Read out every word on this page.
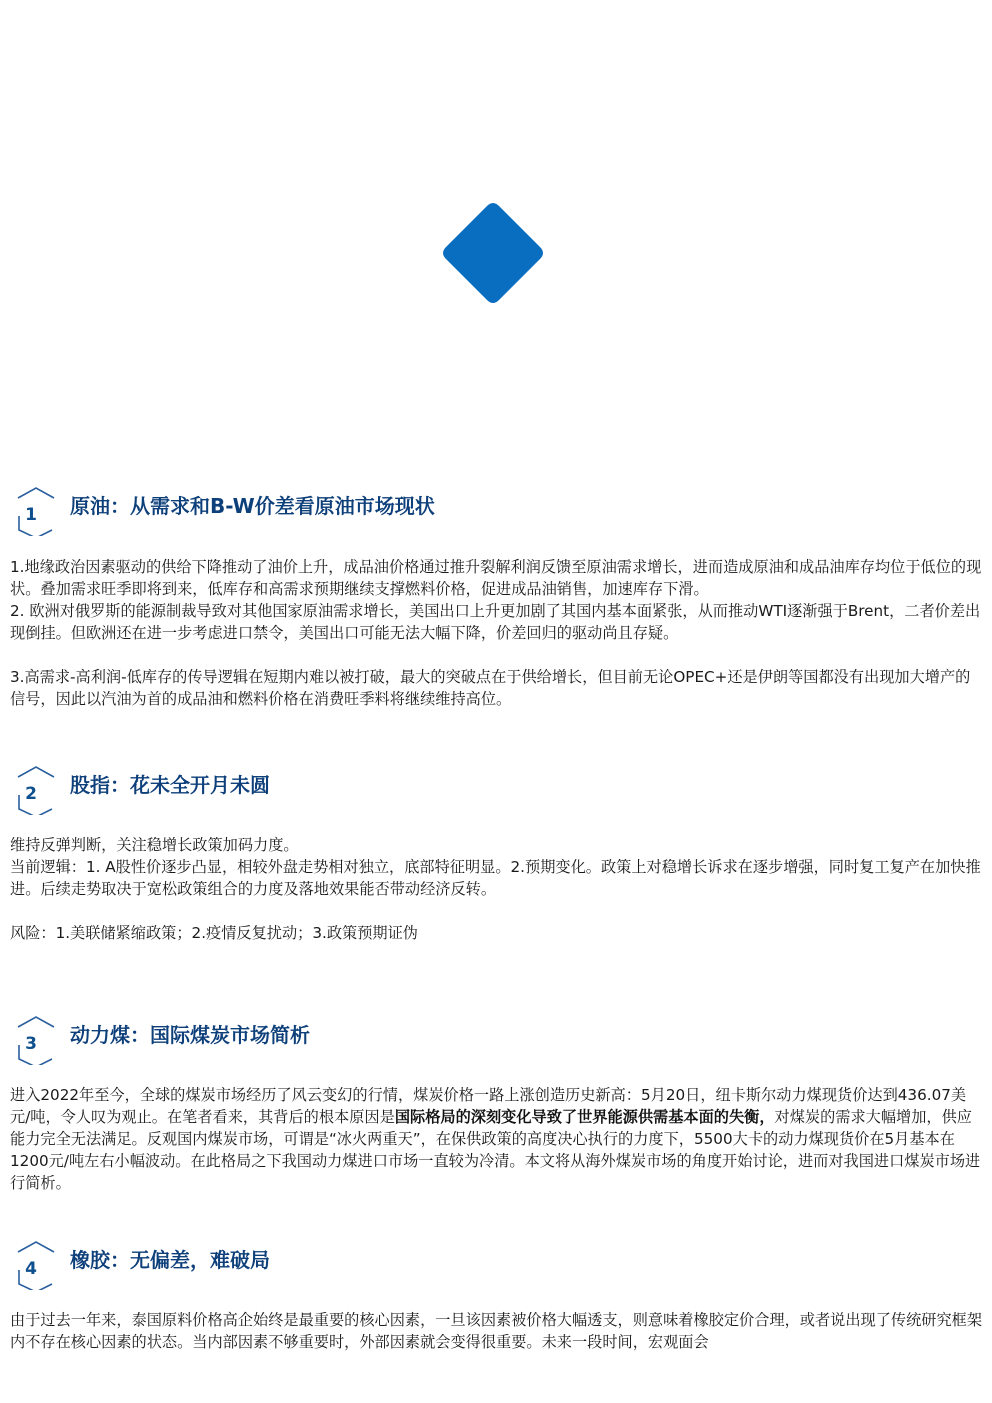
1	原油：从需求和B-W价差看原油市场现状

1.地缘政治因素驱动的供给下降推动了油价上升，成品油价格通过推升裂解利润反馈至原油需求增长，进而造成原油和成品油库存均位于低位的现状。叠加需求旺季即将到来，低库存和高需求预期继续支撑燃料价格，促进成品油销售，加速库存下滑。

2. 欧洲对俄罗斯的能源制裁导致对其他国家原油需求增长，美国出口上升更加剧了其国内基本面紧张，从而推动WTI逐渐强于Brent，二者价差出现倒挂。但欧洲还在进一步考虑进口禁令，美国出口可能无法大幅下降，价差回归的驱动尚且存疑。

3.高需求-高利润-低库存的传导逻辑在短期内难以被打破，最大的突破点在于供给增长，但目前无论OPEC+还是伊朗等国都没有出现加大增产的信号，因此以汽油为首的成品油和燃料价格在消费旺季料将继续维持高位。

2	股指：花未全开月未圆

维持反弹判断，关注稳增长政策加码力度。

当前逻辑：1. A股性价逐步凸显，相较外盘走势相对独立，底部特征明显。2.预期变化。政策上对稳增长诉求在逐步增强，同时复工复产在加快推进。后续走势取决于宽松政策组合的力度及落地效果能否带动经济反转。

风险：1.美联储紧缩政策；2.疫情反复扰动；3.政策预期证伪

3	动力煤：国际煤炭市场简析

进入2022年至今，全球的煤炭市场经历了风云变幻的行情，煤炭价格一路上涨创造历史新高：5月20日，纽卡斯尔动力煤现货价达到436.07美元/吨，令人叹为观止。在笔者看来，其背后的根本原因是国际格局的深刻变化导致了世界能源供需基本面的失衡，对煤炭的需求大幅增加，供应能力完全无法满足。反观国内煤炭市场，可谓是“冰火两重天”，在保供政策的高度决心执行的力度下，5500大卡的动力煤现货价在5月基本在1200元/吨左右小幅波动。在此格局之下我国动力煤进口市场一直较为冷清。本文将从海外煤炭市场的角度开始讨论，进而对我国进口煤炭市场进行简析。

4	橡胶：无偏差，难破局

由于过去一年来，泰国原料价格高企始终是最重要的核心因素，一旦该因素被价格大幅透支，则意味着橡胶定价合理，或者说出现了传统研究框架内不存在核心因素的状态。当内部因素不够重要时，外部因素就会变得很重要。未来一段时间，宏观面会
